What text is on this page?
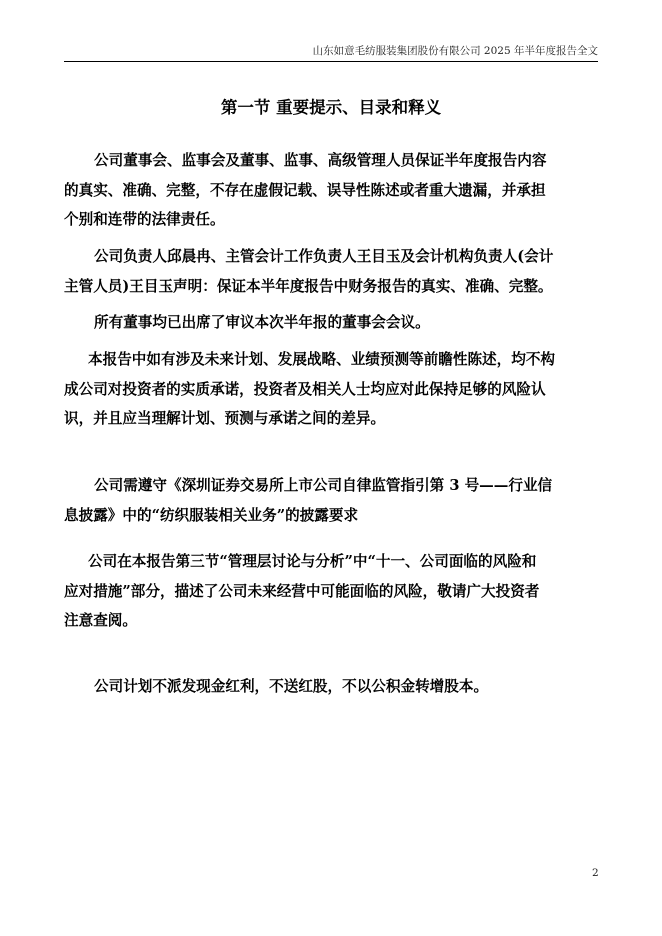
山东如意毛纺服装集团股份有限公司 2025 年半年度报告全文
第一节 重要提示、目录和释义
公司董事会、监事会及董事、监事、高级管理人员保证半年度报告内容
的真实、准确、完整，不存在虚假记载、误导性陈述或者重大遗漏，并承担
个别和连带的法律责任。
公司负责人邱晨冉、主管会计工作负责人王目玉及会计机构负责人(会计
主管人员)王目玉声明：保证本半年度报告中财务报告的真实、准确、完整。
所有董事均已出席了审议本次半年报的董事会会议。
本报告中如有涉及未来计划、发展战略、业绩预测等前瞻性陈述，均不构
成公司对投资者的实质承诺，投资者及相关人士均应对此保持足够的风险认
识，并且应当理解计划、预测与承诺之间的差异。
公司需遵守《深圳证券交易所上市公司自律监管指引第 3 号——行业信
息披露》中的“纺织服装相关业务”的披露要求
公司在本报告第三节“管理层讨论与分析”中“十一、公司面临的风险和
应对措施”部分，描述了公司未来经营中可能面临的风险，敬请广大投资者
注意查阅。
公司计划不派发现金红利，不送红股，不以公积金转增股本。
2
